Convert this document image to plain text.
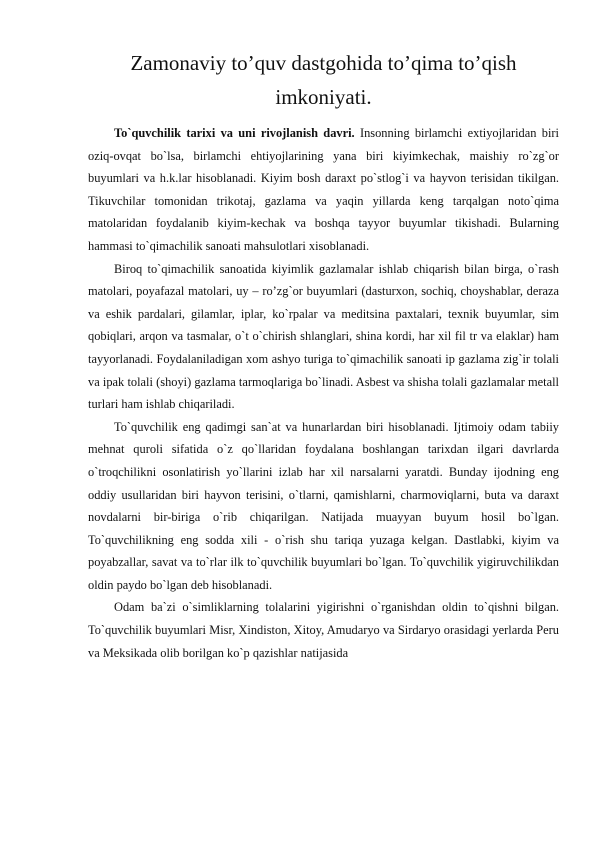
Zamonaviy to’quv dastgohida to’qima to’qish imkoniyati.

To`quvchilik tarixi va uni rivojlanish davri. Insonning birlamchi extiyojlaridan biri oziq-ovqat bo`lsa, birlamchi ehtiyojlarining yana biri kiyimkechak, maishiy ro`zg`or buyumlari va h.k.lar hisoblanadi. Kiyim bosh daraxt po`stlog`i va hayvon terisidan tikilgan. Tikuvchilar tomonidan trikotaj, gazlama va yaqin yillarda keng tarqalgan noto`qima matolaridan foydalanib kiyim-kechak va boshqa tayyor buyumlar tikishadi. Bularning hammasi to`qimachilik sanoati mahsulotlari xisoblanadi.

Biroq to`qimachilik sanoatida kiyimlik gazlamalar ishlab chiqarish bilan birga, o`rash matolari, poyafazal matolari, uy – ro’zg`or buyumlari (dasturxon, sochiq, choyshablar, deraza va eshik pardalari, gilamlar, iplar, ko`rpalar va meditsina paxtalari, texnik buyumlar, sim qobiqlari, arqon va tasmalar, o`t o`chirish shlanglari, shina kordi, har xil fil tr va elaklar) ham tayyorlanadi. Foydalaniladigan xom ashyo turiga to`qimachilik sanoati ip gazlama zig`ir tolali va ipak tolali (shoyi) gazlama tarmoqlariga bo`linadi. Asbest va shisha tolali gazlamalar metall turlari ham ishlab chiqariladi.

To`quvchilik eng qadimgi san`at va hunarlardan biri hisoblanadi. Ijtimoiy odam tabiiy mehnat quroli sifatida o`z qo`llaridan foydalana boshlangan tarixdan ilgari davrlarda o`troqchilikni osonlatirish yo`llarini izlab har xil narsalarni yaratdi. Bunday ijodning eng oddiy usullaridan biri hayvon terisini, o`tlarni, qamishlarni, charmoviqlarni, buta va daraxt novdalarni bir-biriga o`rib chiqarilgan. Natijada muayyan buyum hosil bo`lgan. To`quvchilikning eng sodda xili - o`rish shu tariqa yuzaga kelgan. Dastlabki, kiyim va poyabzallar, savat va to`rlar ilk to`quvchilik buyumlari bo`lgan. To`quvchilik yigiruvchilikdan oldin paydo bo`lgan deb hisoblanadi.

Odam ba`zi o`simliklarning tolalarini yigirishni o`rganishdan oldin to`qishni bilgan. To`quvchilik buyumlari Misr, Xindiston, Xitoy, Amudaryo va Sirdaryo orasidagi yerlarda Peru va Meksikada olib borilgan ko`p qazishlar natijasida
